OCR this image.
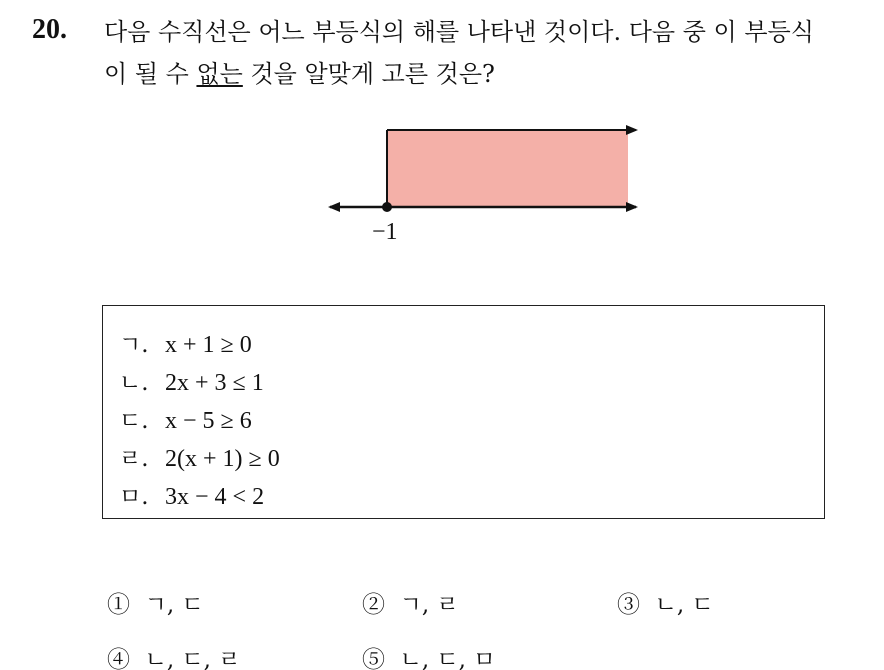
20. 다음 수직선은 어느 부등식의 해를 나타낸 것이다. 다음 중 이 부등식
이 될 수 없는 것을 알맞게 고른 것은?
−1
ㄱ. x + 1 ≥ 0
ㄴ. 2x + 3 ≤ 1
ㄷ. x − 5 ≥ 6
ㄹ. 2(x + 1) ≥ 0
ㅁ. 3x − 4 < 2
① ㄱ, ㄷ	② ㄱ, ㄹ	③ ㄴ, ㄷ
④ ㄴ, ㄷ, ㄹ	⑤ ㄴ, ㄷ, ㅁ
